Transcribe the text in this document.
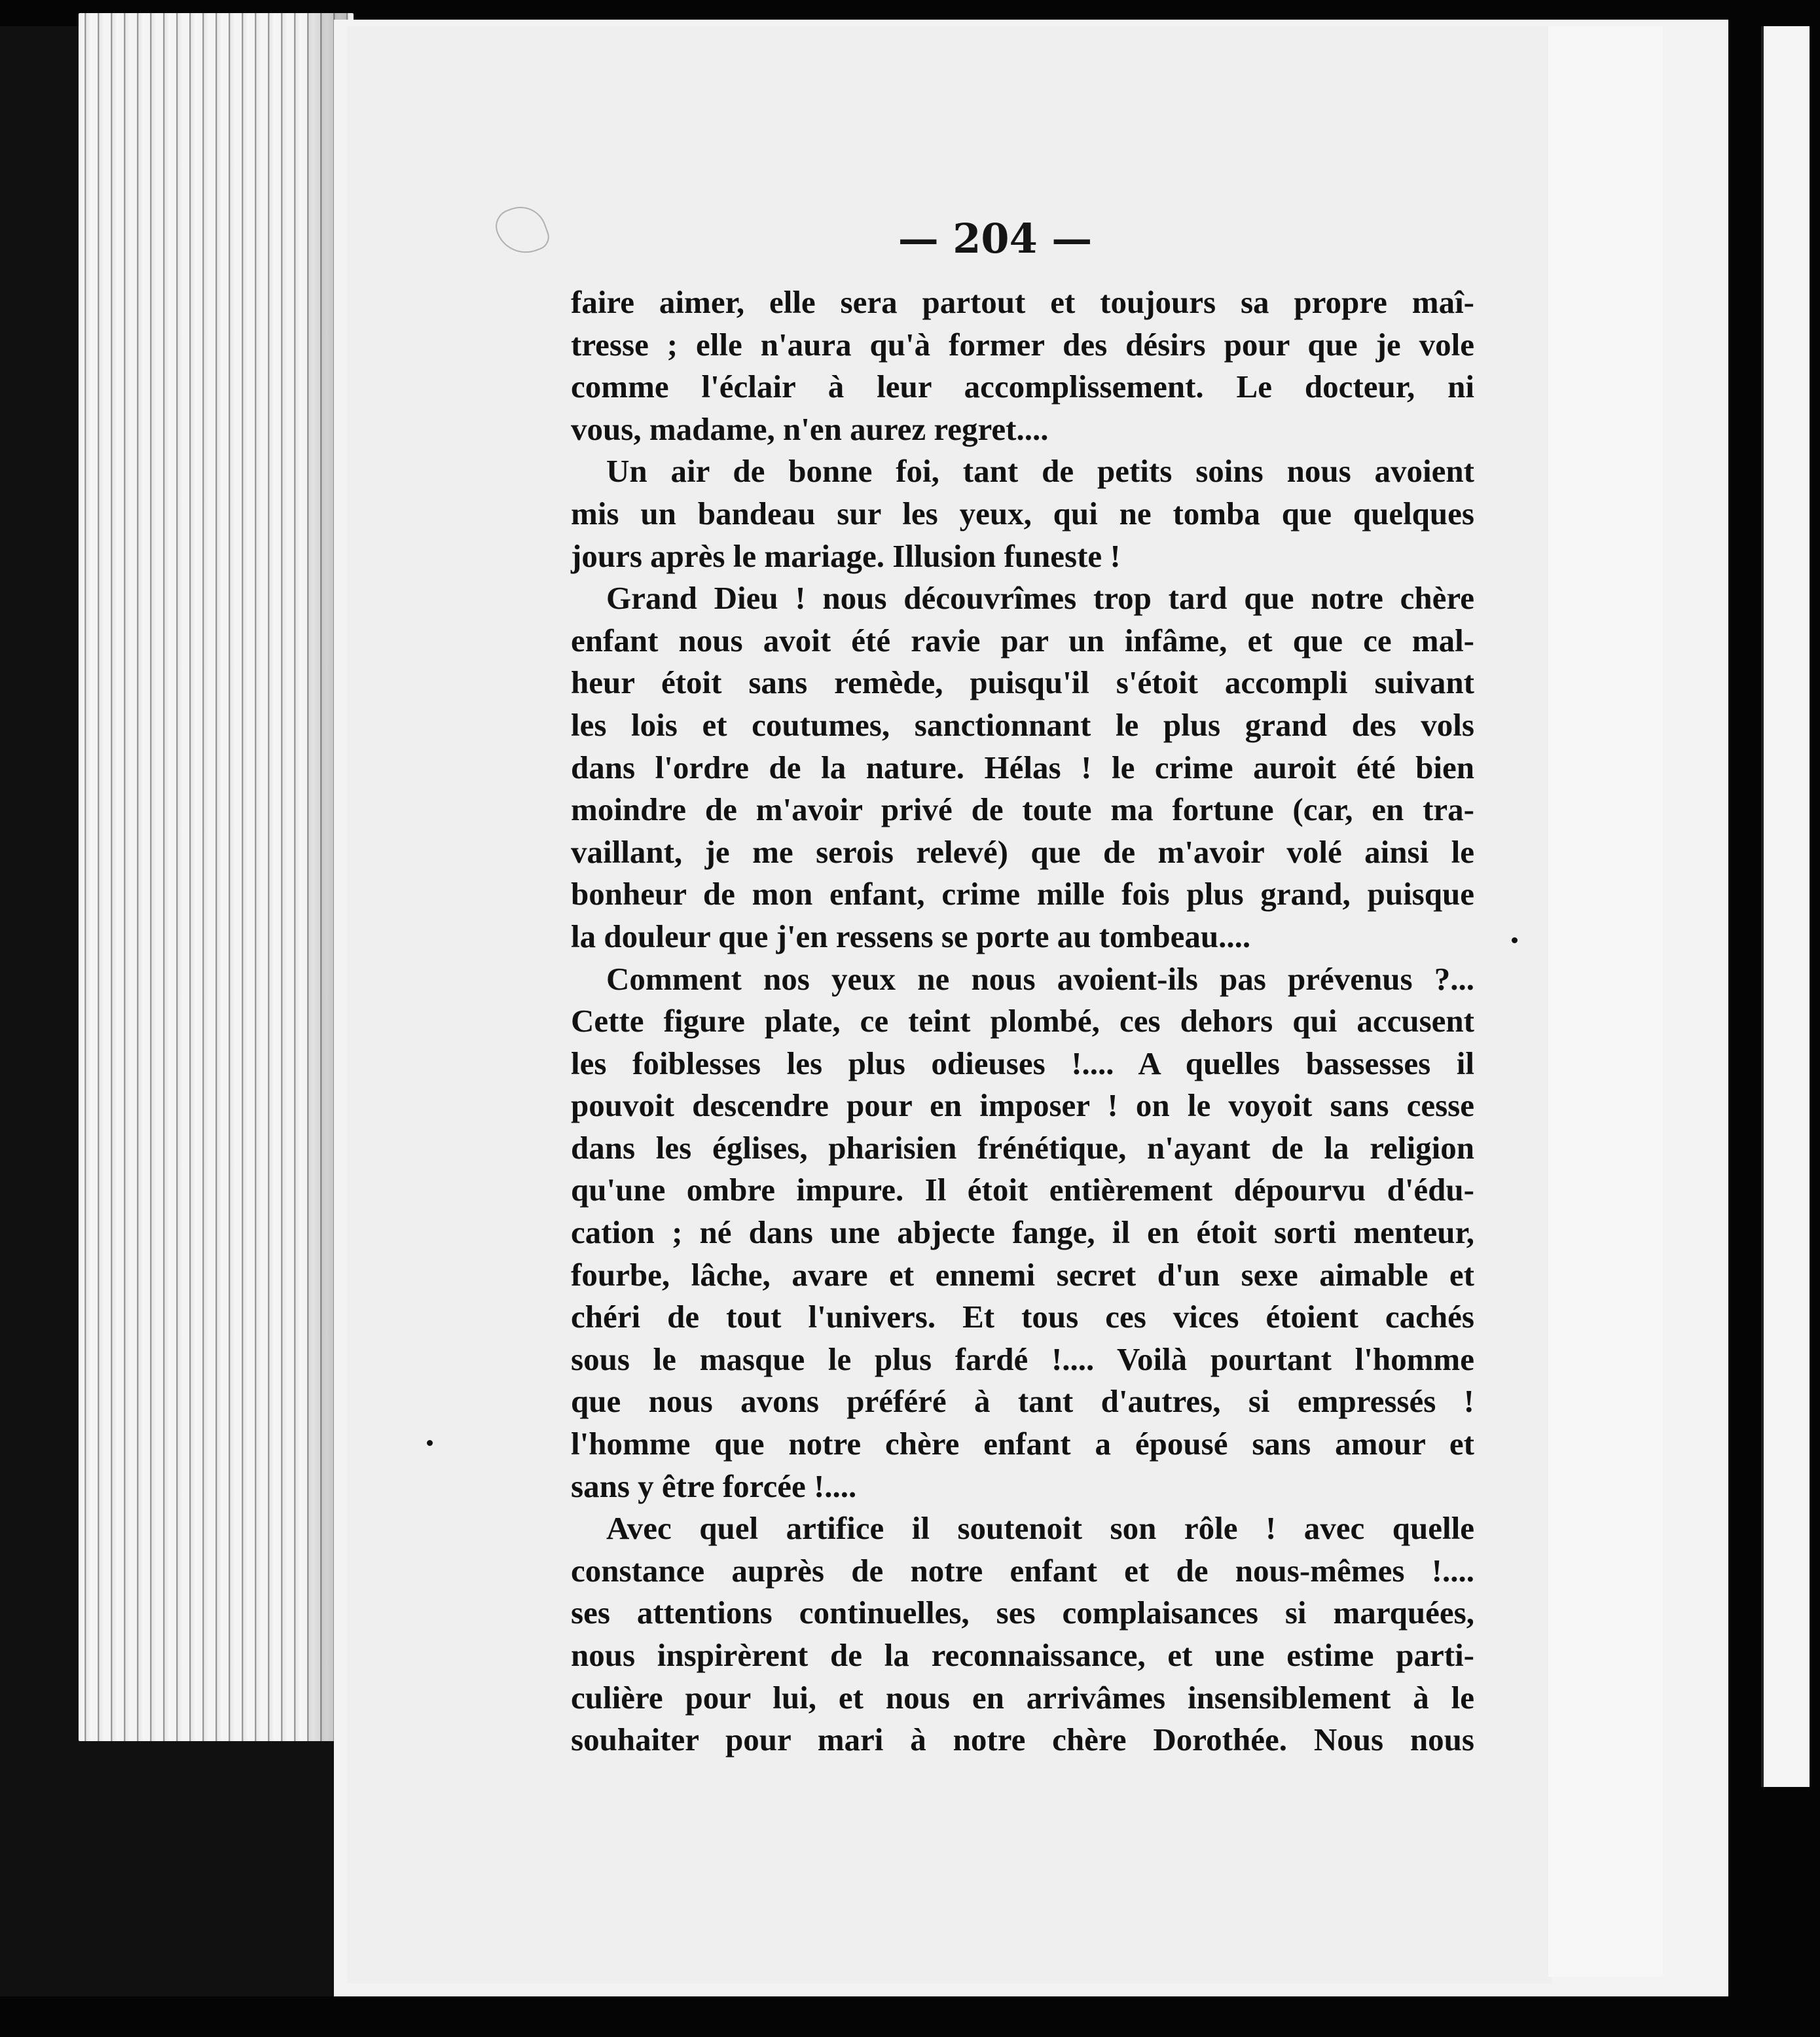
— 204 —
faire aimer, elle sera partout et toujours sa propre maî-
tresse ; elle n'aura qu'à former des désirs pour que je vole
comme l'éclair à leur accomplissement. Le docteur, ni
vous, madame, n'en aurez regret....
Un air de bonne foi, tant de petits soins nous avoient
mis un bandeau sur les yeux, qui ne tomba que quelques
jours après le mariage. Illusion funeste !
Grand Dieu ! nous découvrîmes trop tard que notre chère
enfant nous avoit été ravie par un infâme, et que ce mal-
heur étoit sans remède, puisqu'il s'étoit accompli suivant
les lois et coutumes, sanctionnant le plus grand des vols
dans l'ordre de la nature. Hélas ! le crime auroit été bien
moindre de m'avoir privé de toute ma fortune (car, en tra-
vaillant, je me serois relevé) que de m'avoir volé ainsi le
bonheur de mon enfant, crime mille fois plus grand, puisque
la douleur que j'en ressens se porte au tombeau....
Comment nos yeux ne nous avoient-ils pas prévenus ?...
Cette figure plate, ce teint plombé, ces dehors qui accusent
les foiblesses les plus odieuses !.... A quelles bassesses il
pouvoit descendre pour en imposer ! on le voyoit sans cesse
dans les églises, pharisien frénétique, n'ayant de la religion
qu'une ombre impure. Il étoit entièrement dépourvu d'édu-
cation ; né dans une abjecte fange, il en étoit sorti menteur,
fourbe, lâche, avare et ennemi secret d'un sexe aimable et
chéri de tout l'univers. Et tous ces vices étoient cachés
sous le masque le plus fardé !.... Voilà pourtant l'homme
que nous avons préféré à tant d'autres, si empressés !
l'homme que notre chère enfant a épousé sans amour et
sans y être forcée !....
Avec quel artifice il soutenoit son rôle ! avec quelle
constance auprès de notre enfant et de nous-mêmes !....
ses attentions continuelles, ses complaisances si marquées,
nous inspirèrent de la reconnaissance, et une estime parti-
culière pour lui, et nous en arrivâmes insensiblement à le
souhaiter pour mari à notre chère Dorothée. Nous nous
